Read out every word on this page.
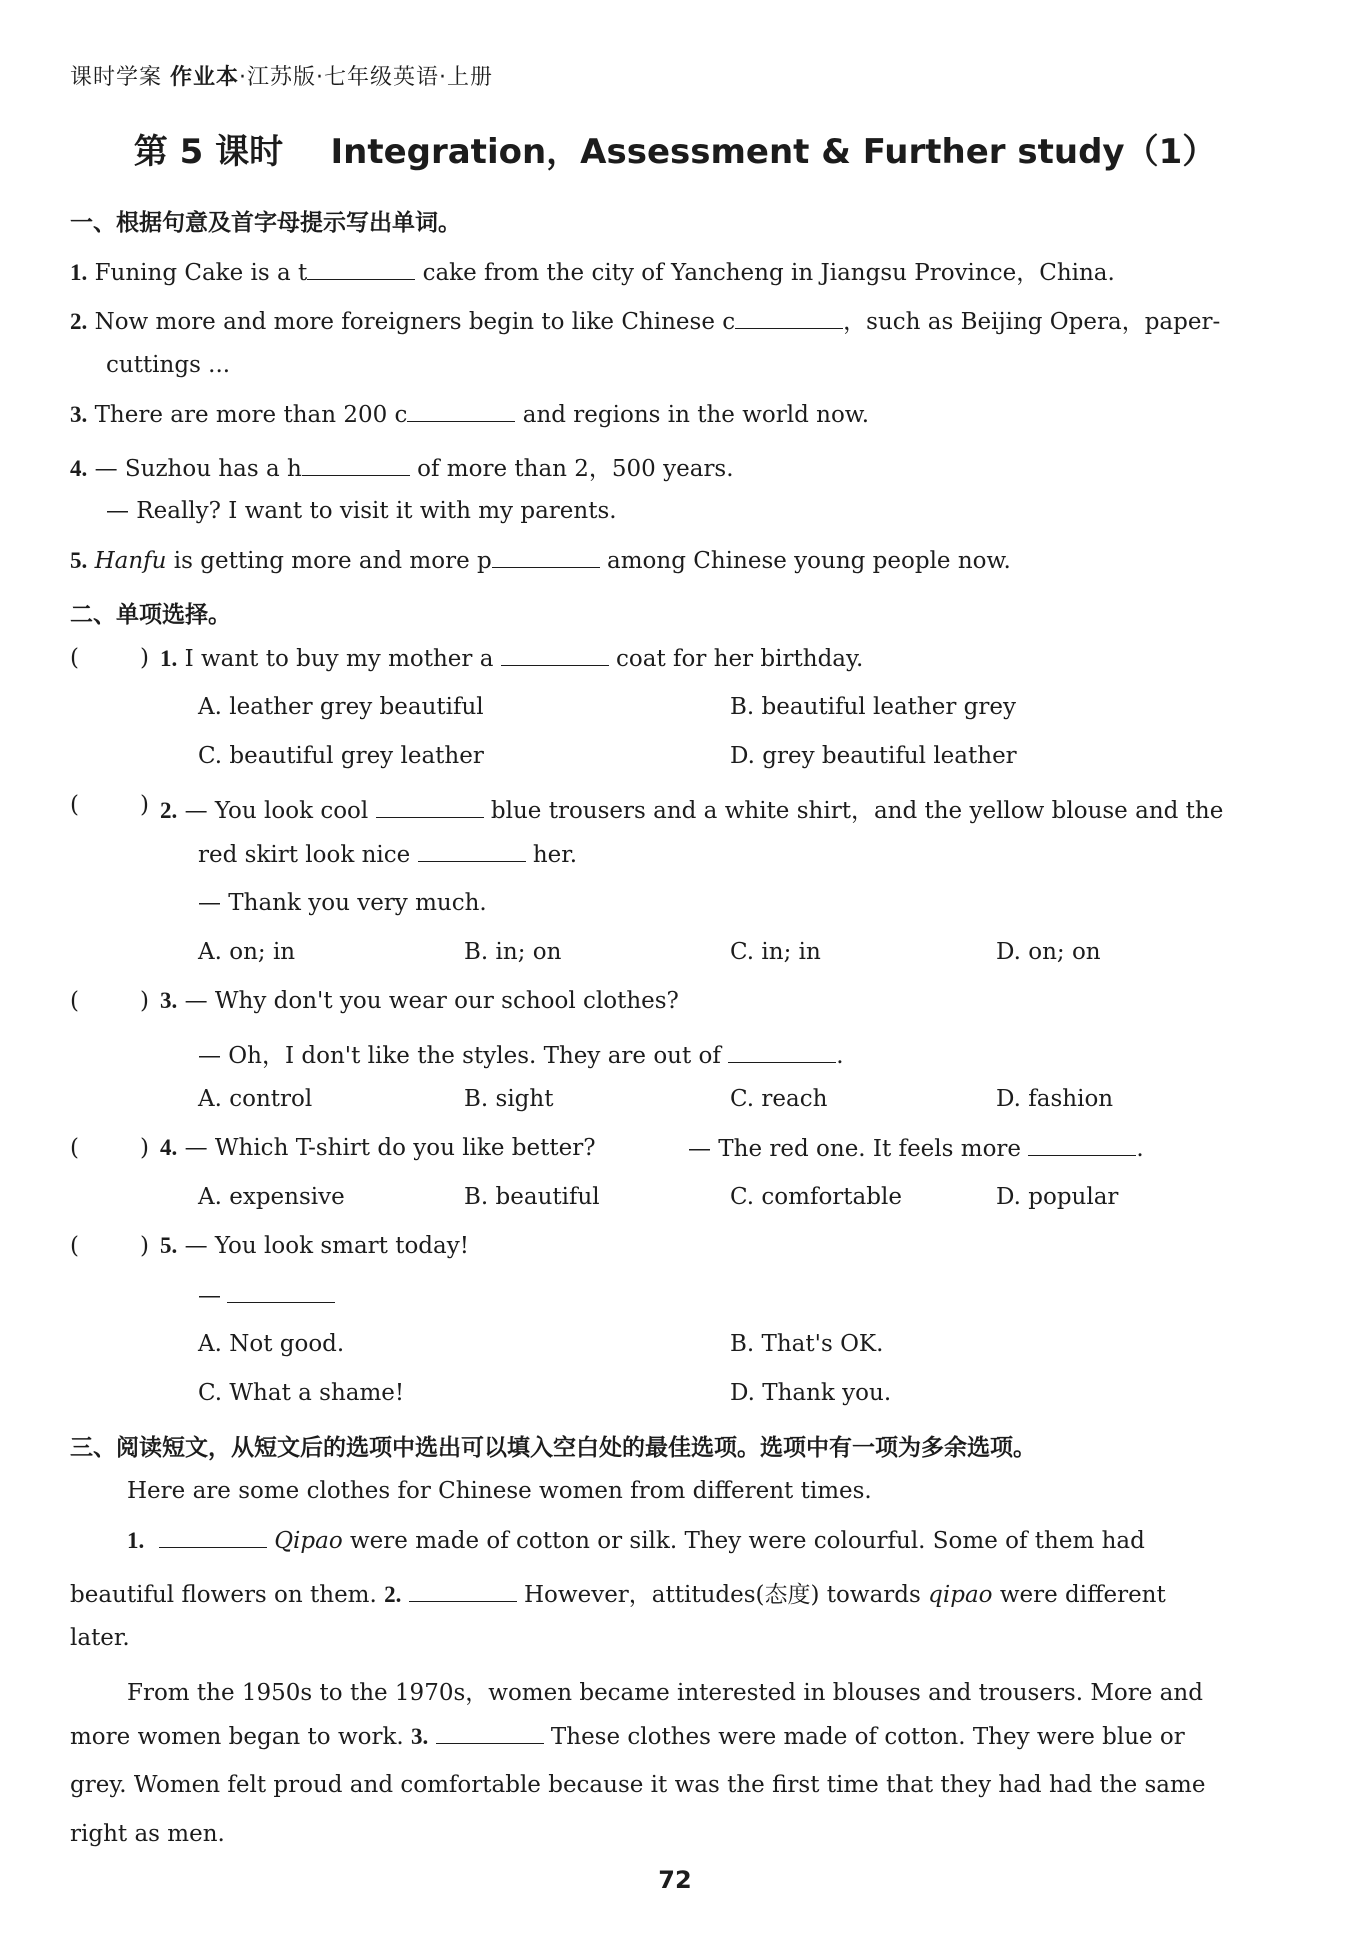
课时学案 作业本·江苏版·七年级英语·上册
第 5 课时 Integration，Assessment & Further study（1）
一、根据句意及首字母提示写出单词。
1. Funing Cake is a t	cake from the city of Yancheng in Jiangsu Province，China.
2. Now more and more foreigners begin to like Chinese c	，such as Beijing Opera，paper-
cuttings ...
3. There are more than 200 c	and regions in the world now.
4. — Suzhou has a h	of more than 2，500 years.
— Really? I want to visit it with my parents.
5. Hanfu is getting more and more p	among Chinese young people now.
二、单项选择。
(	) 1. I want to buy my mother a	coat for her birthday.
A. leather grey beautiful	B. beautiful leather grey
C. beautiful grey leather	D. grey beautiful leather
(	) 2. — You look cool	blue trousers and a white shirt，and the yellow blouse and the
red skirt look nice	her.
— Thank you very much.
A. on; in	B. in; on	C. in; in	D. on; on
(	) 3. — Why don't you wear our school clothes?
— Oh，I don't like the styles. They are out of	.
A. control	B. sight	C. reach	D. fashion
(	) 4. — Which T-shirt do you like better?	— The red one. It feels more	.
A. expensive	B. beautiful	C. comfortable	D. popular
(	) 5. — You look smart today!
—
A. Not good.	B. That's OK.
C. What a shame!	D. Thank you.
三、阅读短文，从短文后的选项中选出可以填入空白处的最佳选项。选项中有一项为多余选项。
Here are some clothes for Chinese women from different times.
1.	Qipao were made of cotton or silk. They were colourful. Some of them had
beautiful flowers on them. 2.	However，attitudes(态度) towards qipao were different
later.
From the 1950s to the 1970s，women became interested in blouses and trousers. More and
more women began to work. 3.	These clothes were made of cotton. They were blue or
grey. Women felt proud and comfortable because it was the first time that they had had the same
right as men.
72
